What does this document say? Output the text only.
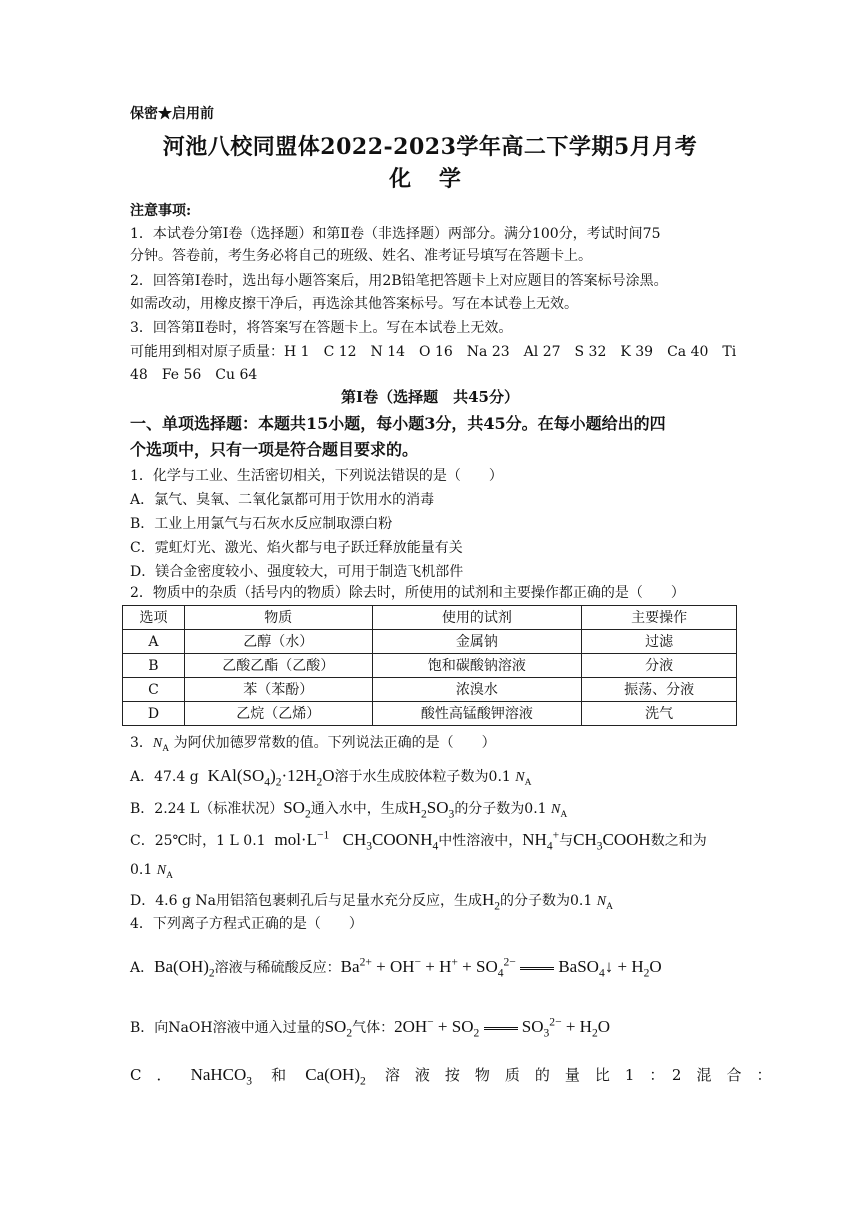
保密★启用前
河池八校同盟体2022-2023学年高二下学期5月月考
化 学
注意事项:
1．本试卷分第Ⅰ卷（选择题）和第Ⅱ卷（非选择题）两部分。满分100分，考试时间75
分钟。答卷前，考生务必将自己的班级、姓名、准考证号填写在答题卡上。
2．回答第Ⅰ卷时，选出每小题答案后，用2B铅笔把答题卡上对应题目的答案标号涂黑。
如需改动，用橡皮擦干净后，再选涂其他答案标号。写在本试卷上无效。
3．回答第Ⅱ卷时，将答案写在答题卡上。写在本试卷上无效。
可能用到相对原子质量：H 1　C 12　N 14　O 16　Na 23　Al 27　S 32　K 39　Ca 40　Ti
48　Fe 56　Cu 64
第Ⅰ卷（选择题　共45分）
一、单项选择题：本题共15小题，每小题3分，共45分。在每小题给出的四
个选项中，只有一项是符合题目要求的。
1．化学与工业、生活密切相关，下列说法错误的是（　　）
A．氯气、臭氧、二氧化氯都可用于饮用水的消毒
B．工业上用氯气与石灰水反应制取漂白粉
C．霓虹灯光、激光、焰火都与电子跃迁释放能量有关
D．镁合金密度较小、强度较大，可用于制造飞机部件
2．物质中的杂质（括号内的物质）除去时，所使用的试剂和主要操作都正确的是（　　）
选项	物质	使用的试剂	主要操作
A	乙醇（水）	金属钠	过滤
B	乙酸乙酯（乙酸）	饱和碳酸钠溶液	分液
C	苯（苯酚）	浓溴水	振荡、分液
D	乙烷（乙烯）	酸性高锰酸钾溶液	洗气
3．$N_A$ 为阿伏加德罗常数的值。下列说法正确的是（　　）
A．47.4 g $KAl(SO_4)_2\cdot 12H_2O$溶于水生成胶体粒子数为0.1 $N_A$
B．2.24 L（标准状况）$SO_2$通入水中，生成$H_2SO_3$的分子数为0.1 $N_A$
C．25℃时，1 L 0.1 $mol\cdot L^{-1}$ $CH_3COONH_4$中性溶液中，$NH_4^+$与$CH_3COOH$数之和为
0.1 $N_A$
D．4.6 g Na用铝箔包裹刺孔后与足量水充分反应，生成$H_2$的分子数为0.1 $N_A$
4．下列离子方程式正确的是（　　）
A．$Ba(OH)_2$溶液与稀硫酸反应：$Ba^{2+} + OH^- + H^+ + SO_4^{2-}$  BaSO$_4$↓ + $H_2O$
B．向NaOH溶液中通入过量的$SO_2$气体：$2OH^- + SO_2$  $SO_3^{2-} + H_2O$
C　． NaHCO$_3$ 和 $Ca(OH)_2$ 溶　液　按　物　质　的　量　比　1　：　2　混　合　：
